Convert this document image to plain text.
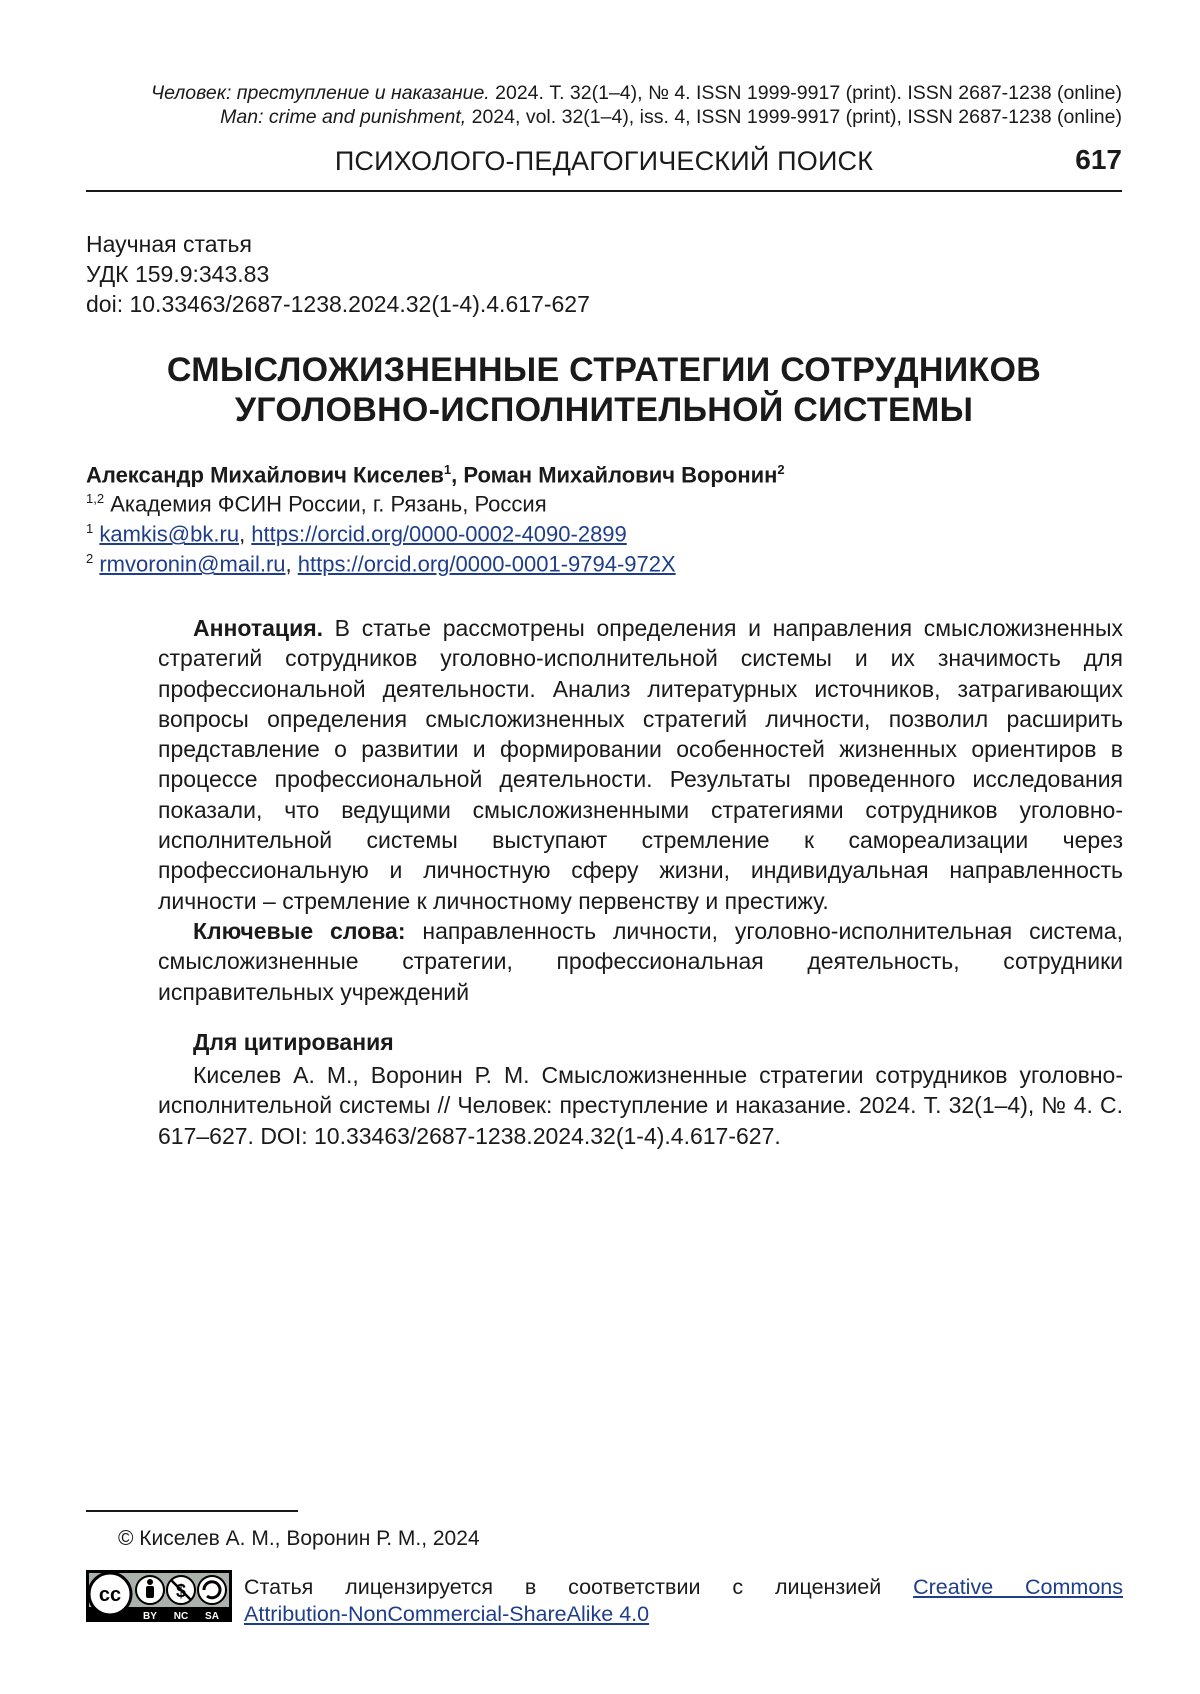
Человек: преступление и наказание. 2024. Т. 32(1–4), № 4. ISSN 1999-9917 (print). ISSN 2687-1238 (online)
Man: crime and punishment, 2024, vol. 32(1–4), iss. 4, ISSN 1999-9917 (print), ISSN 2687-1238 (online)
ПСИХОЛОГО-ПЕДАГОГИЧЕСКИЙ ПОИСК	617
Научная статья
УДК 159.9:343.83
doi: 10.33463/2687-1238.2024.32(1-4).4.617-627
СМЫСЛОЖИЗНЕННЫЕ СТРАТЕГИИ СОТРУДНИКОВ
УГОЛОВНО-ИСПОЛНИТЕЛЬНОЙ СИСТЕМЫ
Александр Михайлович Киселев1, Роман Михайлович Воронин2
1,2 Академия ФСИН России, г. Рязань, Россия
1 kamkis@bk.ru, https://orcid.org/0000-0002-4090-2899
2 rmvoronin@mail.ru, https://orcid.org/0000-0001-9794-972X

Аннотация. В статье рассмотрены определения и направления смысложизненных стратегий сотрудников уголовно-исполнительной системы и их значимость для профессиональной деятельности. Анализ литературных источников, затрагивающих вопросы определения смысложизненных стратегий личности, позволил расширить представление о развитии и формировании особенностей жизненных ориентиров в процессе профессиональной деятельности. Результаты проведенного исследования показали, что ведущими смысложизненными стратегиями сотрудников уголовно-исполнительной системы выступают стремление к самореализации через профессиональную и личностную сферу жизни, индивидуальная направленность личности – стремление к личностному первенству и престижу.

Ключевые слова: направленность личности, уголовно-исполнительная система, смысложизненные стратегии, профессиональная деятельность, сотрудники исправительных учреждений

Для цитирования
Киселев А. М., Воронин Р. М. Смысложизненные стратегии сотрудников уголовно-исполнительной системы // Человек: преступление и наказание. 2024. Т. 32(1–4), № 4. С. 617–627. DOI: 10.33463/2687-1238.2024.32(1-4).4.617-627.
© Киселев А. М., Воронин Р. М., 2024
cc
BY NC SA
Статья лицензируется в соответствии с лицензией Creative Commons
Attribution-NonCommercial-ShareAlike 4.0
